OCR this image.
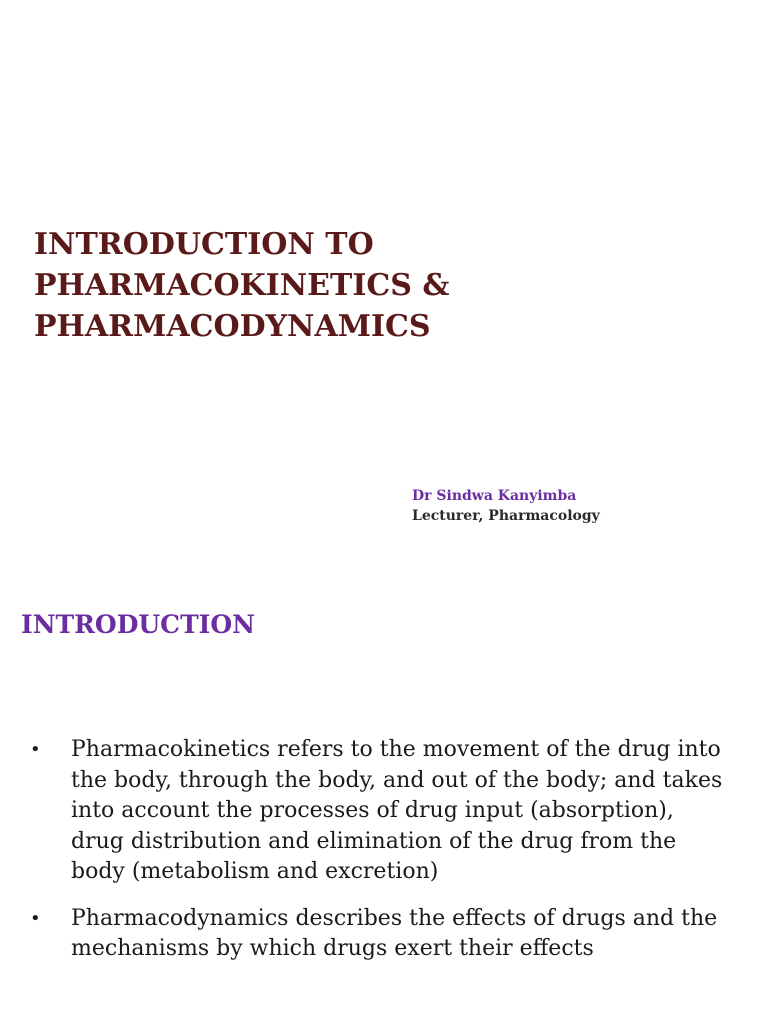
INTRODUCTION TO
PHARMACOKINETICS &
PHARMACODYNAMICS
Dr Sindwa Kanyimba
Lecturer, Pharmacology
INTRODUCTION
• Pharmacokinetics refers to the movement of the drug into the body, through the body, and out of the body; and takes into account the processes of drug input (absorption), drug distribution and elimination of the drug from the body (metabolism and excretion)
• Pharmacodynamics describes the effects of drugs and the mechanisms by which drugs exert their effects
